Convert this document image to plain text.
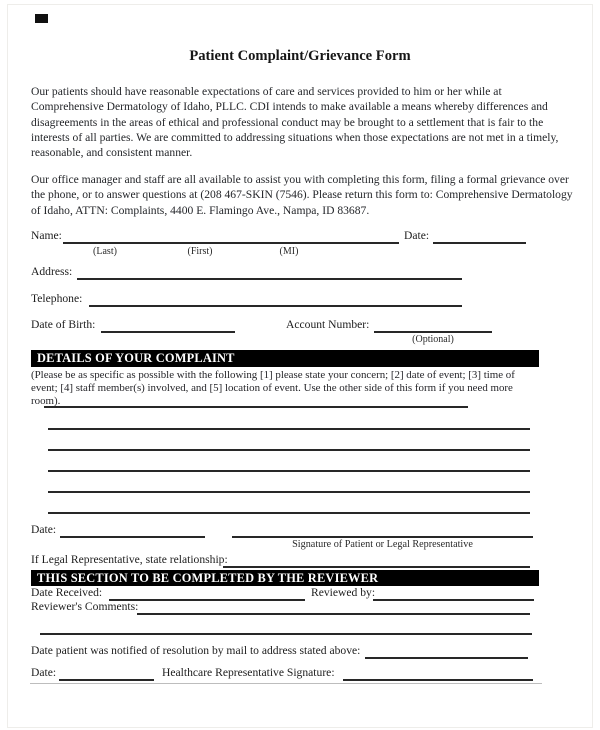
Patient Complaint/Grievance Form

Our patients should have reasonable expectations of care and services provided to him or her while at Comprehensive Dermatology of Idaho, PLLC. CDI intends to make available a means whereby differences and disagreements in the areas of ethical and professional conduct may be brought to a settlement that is fair to the interests of all parties. We are committed to addressing situations when those expectations are not met in a timely, reasonable, and consistent manner.

Our office manager and staff are all available to assist you with completing this form, filing a formal grievance over the phone, or to answer questions at (208 467-SKIN (7546). Please return this form to: Comprehensive Dermatology of Idaho, ATTN: Complaints, 4400 E. Flamingo Ave., Nampa, ID 83687.

Name:	Date:
(Last)	(First)	(MI)
Address:
Telephone:
Date of Birth:	Account Number:
(Optional)
DETAILS OF YOUR COMPLAINT

(Please be as specific as possible with the following [1] please state your concern; [2] date of event; [3] time of event; [4] staff member(s) involved, and [5] location of event. Use the other side of this form if you need more room).

Date:
Signature of Patient or Legal Representative
If Legal Representative, state relationship:
THIS SECTION TO BE COMPLETED BY THE REVIEWER
Date Received:	Reviewed by:
Reviewer's Comments:
Date patient was notified of resolution by mail to address stated above:
Date:	Healthcare Representative Signature:
